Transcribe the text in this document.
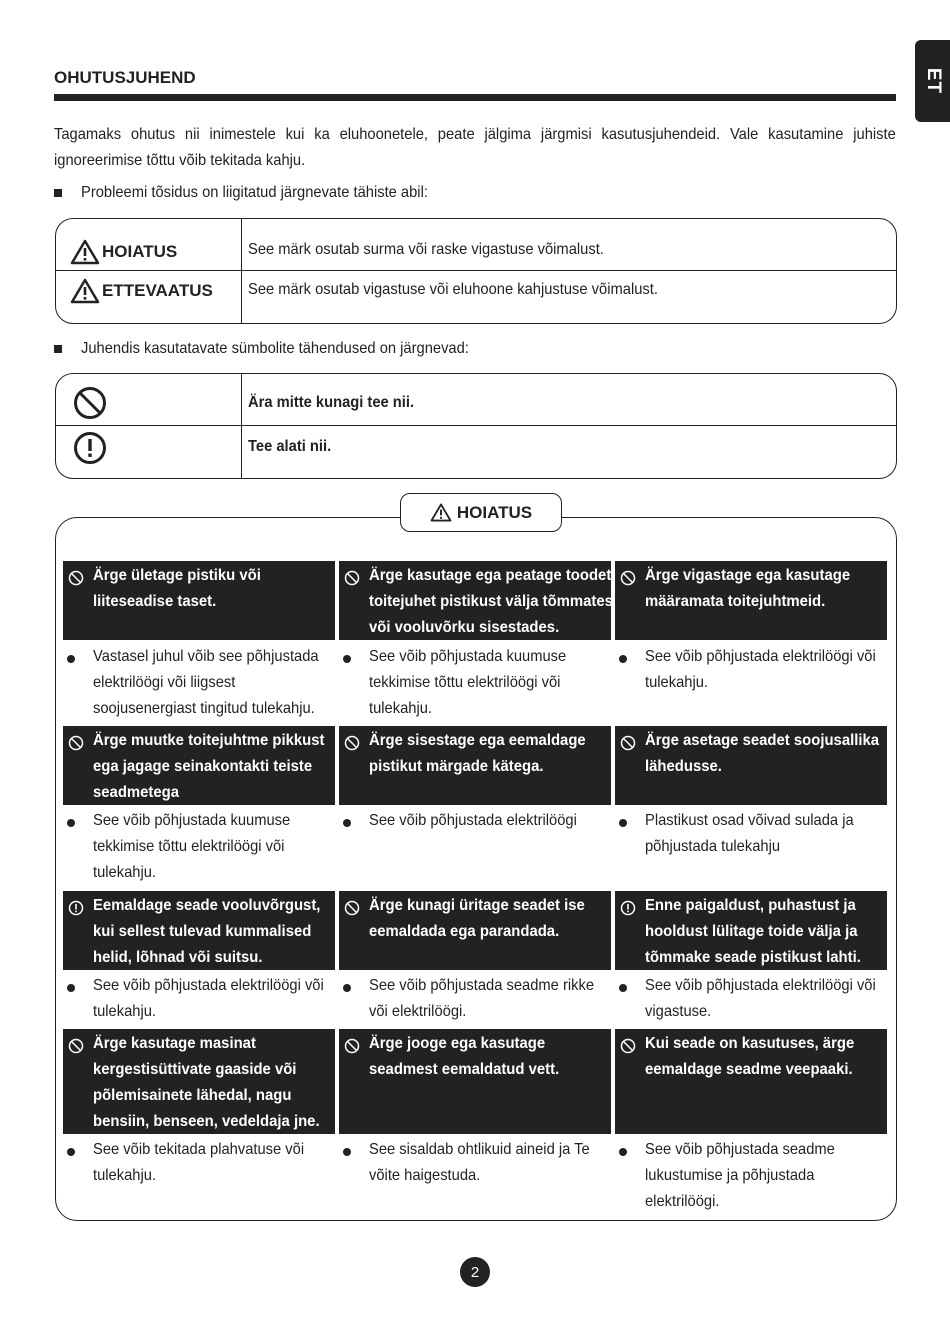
ET
OHUTUSJUHEND
Tagamaks ohutus nii inimestele kui ka eluhoonetele, peate jälgima järgmisi kasutusjuhendeid. Vale kasutamine juhiste ignoreerimise tõttu võib tekitada kahju.
Probleemi tõsidus on liigitatud järgnevate tähiste abil:
HOIATUS	See märk osutab surma või raske vigastuse võimalust.
ETTEVAATUS See märk osutab vigastuse või eluhoone kahjustuse võimalust.
Juhendis kasutatavate sümbolite tähendused on järgnevad:
Ära mitte kunagi tee nii.
Tee alati nii.
HOIATUS
Ärge ületage pistiku või liiteseadise taset.
Vastasel juhul võib see põhjustada elektrilöögi või liigsest soojusenergiast tingitud tulekahju.
Ärge kasutage ega peatage toodet toitejuhet pistikust välja tõmmates või vooluvõrku sisestades.
See võib põhjustada kuumuse tekkimise tõttu elektrilöögi või tulekahju.
Ärge vigastage ega kasutage määramata toitejuhtmeid.
See võib põhjustada elektrilöögi või tulekahju.
Ärge muutke toitejuhtme pikkust ega jagage seinakontakti teiste seadmetega
See võib põhjustada kuumuse tekkimise tõttu elektrilöögi või tulekahju.
Ärge sisestage ega eemaldage pistikut märgade kätega.
See võib põhjustada elektrilöögi
Ärge asetage seadet soojusallika lähedusse.
Plastikust osad võivad sulada ja põhjustada tulekahju
Eemaldage seade vooluvõrgust, kui sellest tulevad kummalised helid, lõhnad või suitsu.
See võib põhjustada elektrilöögi või tulekahju.
Ärge kunagi üritage seadet ise eemaldada ega parandada.
See võib põhjustada seadme rikke või elektrilöögi.
Enne paigaldust, puhastust ja hooldust lülitage toide välja ja tõmmake seade pistikust lahti.
See võib põhjustada elektrilöögi või vigastuse.
Ärge kasutage masinat kergestisüttivate gaaside või põlemisainete lähedal, nagu bensiin, benseen, vedeldaja jne.
See võib tekitada plahvatuse või tulekahju.
Ärge jooge ega kasutage seadmest eemaldatud vett.
See sisaldab ohtlikuid aineid ja Te võite haigestuda.
Kui seade on kasutuses, ärge eemaldage seadme veepaaki.
See võib põhjustada seadme lukustumise ja põhjustada elektrilöögi.
2
